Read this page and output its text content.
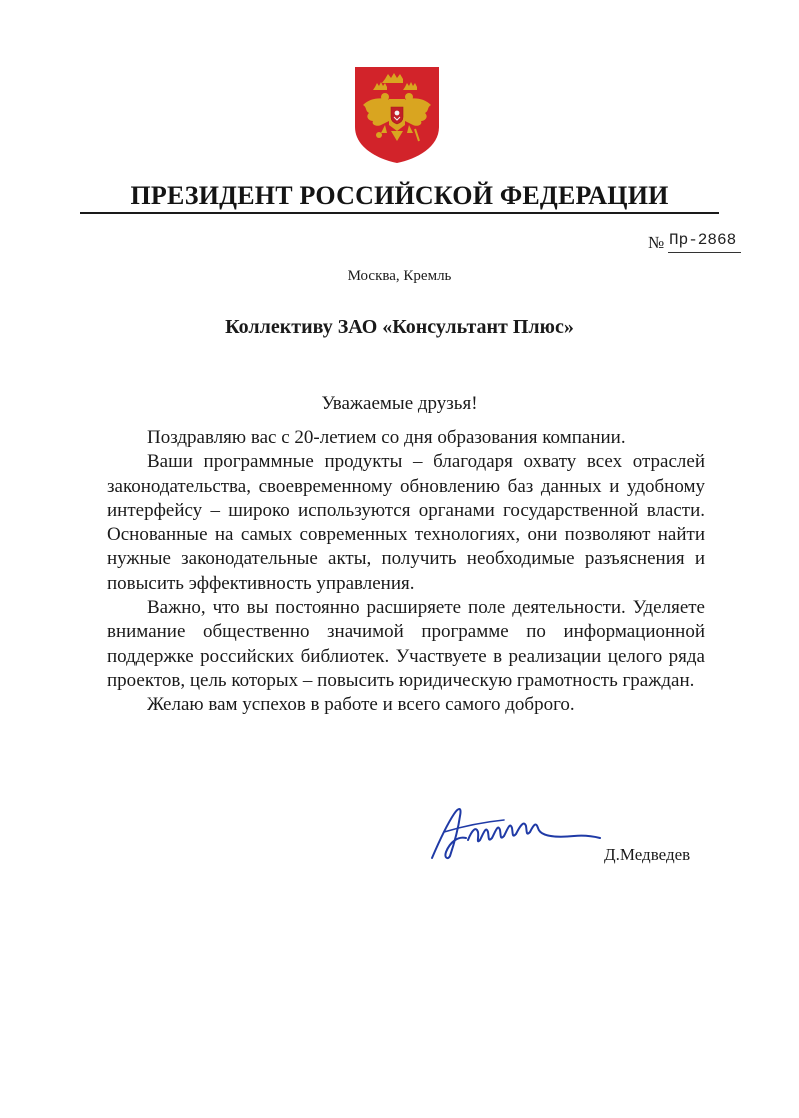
ПРЕЗИДЕНТ РОССИЙСКОЙ ФЕДЕРАЦИИ
№ Пр-2868
Москва, Кремль
Коллективу ЗАО «Консультант Плюс»
Уважаемые друзья!

Поздравляю вас с 20-летием со дня образования компании.

Ваши программные продукты – благодаря охвату всех отраслей законодательства, своевременному обновлению баз данных и удобному интерфейсу – широко используются органами государственной власти. Основанные на самых современных технологиях, они позволяют найти нужные законодательные акты, получить необходимые разъяснения и повысить эффективность управления.

Важно, что вы постоянно расширяете поле деятельности. Уделяете внимание общественно значимой программе по информационной поддержке российских библиотек. Участвуете в реализации целого ряда проектов, цель которых – повысить юридическую грамотность граждан.

Желаю вам успехов в работе и всего самого доброго.

Д.Медведев
